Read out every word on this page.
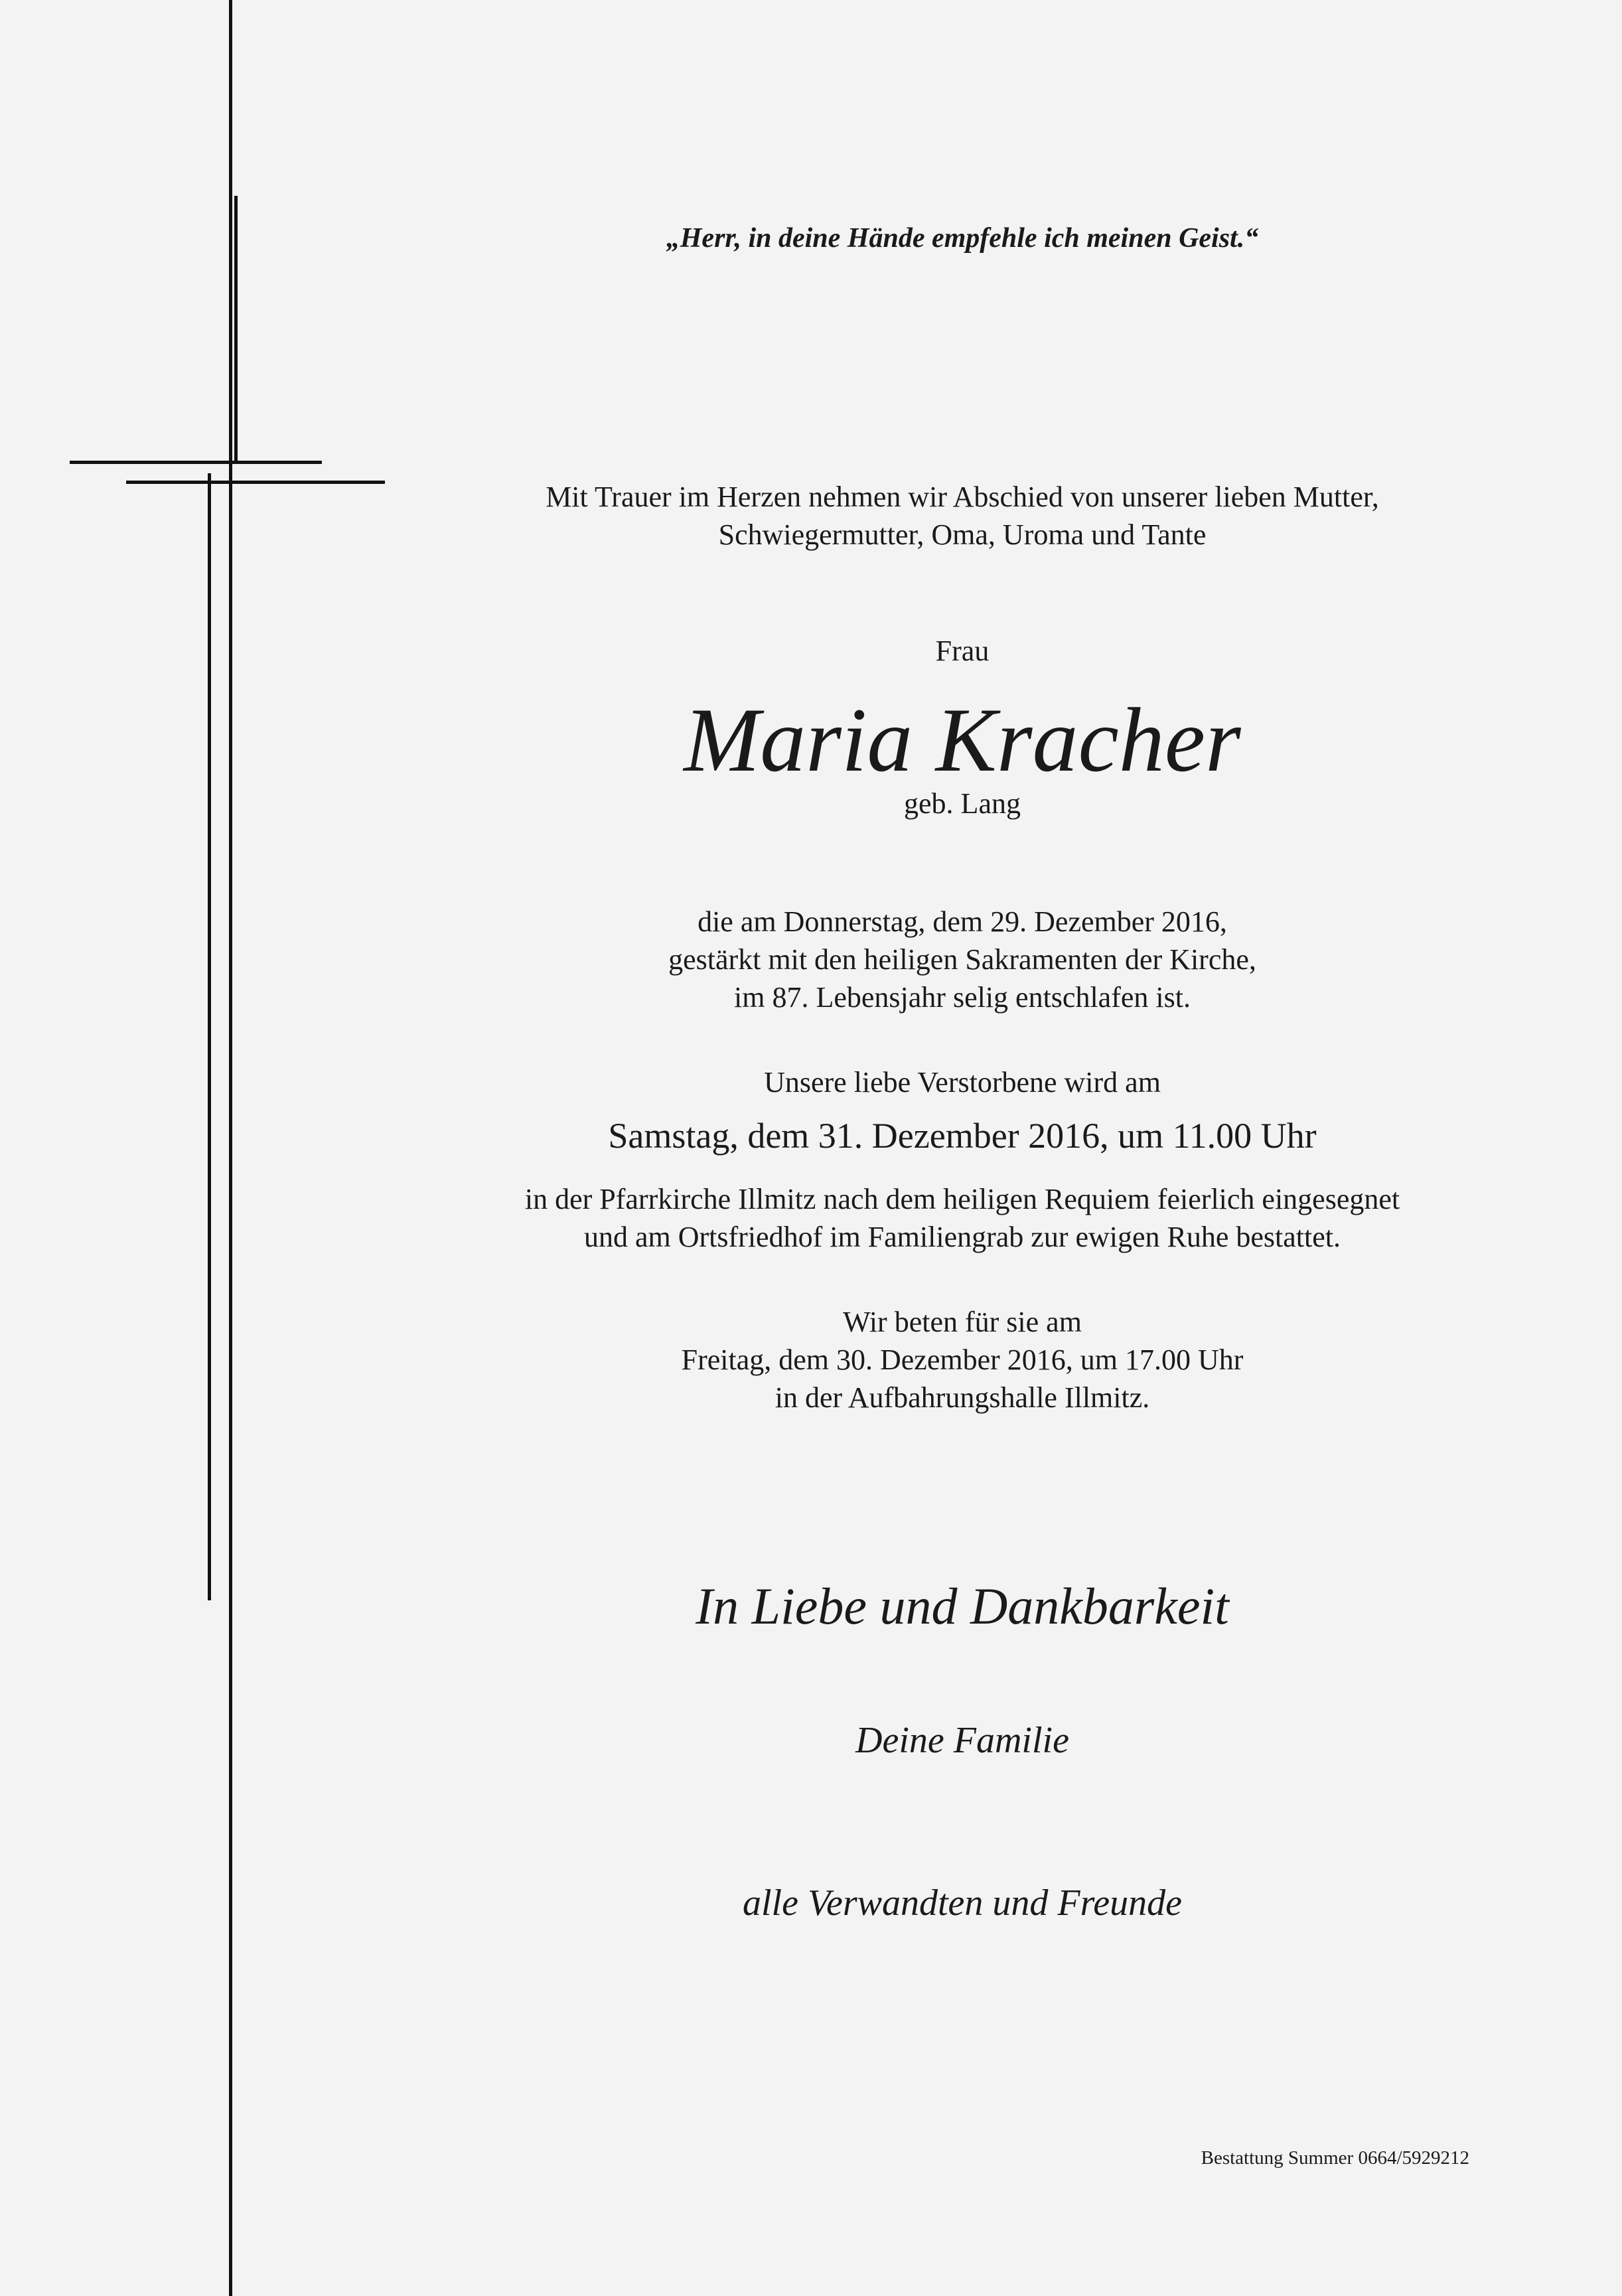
„Herr, in deine Hände empfehle ich meinen Geist.“
Mit Trauer im Herzen nehmen wir Abschied von unserer lieben Mutter,
Schwiegermutter, Oma, Uroma und Tante
Frau
Maria Kracher
geb. Lang
die am Donnerstag, dem 29. Dezember 2016,
gestärkt mit den heiligen Sakramenten der Kirche,
im 87. Lebensjahr selig entschlafen ist.
Unsere liebe Verstorbene wird am
Samstag, dem 31. Dezember 2016, um 11.00 Uhr
in der Pfarrkirche Illmitz nach dem heiligen Requiem feierlich eingesegnet
und am Ortsfriedhof im Familiengrab zur ewigen Ruhe bestattet.
Wir beten für sie am
Freitag, dem 30. Dezember 2016, um 17.00 Uhr
in der Aufbahrungshalle Illmitz.
In Liebe und Dankbarkeit
Deine Familie
alle Verwandten und Freunde
Bestattung Summer 0664/5929212
